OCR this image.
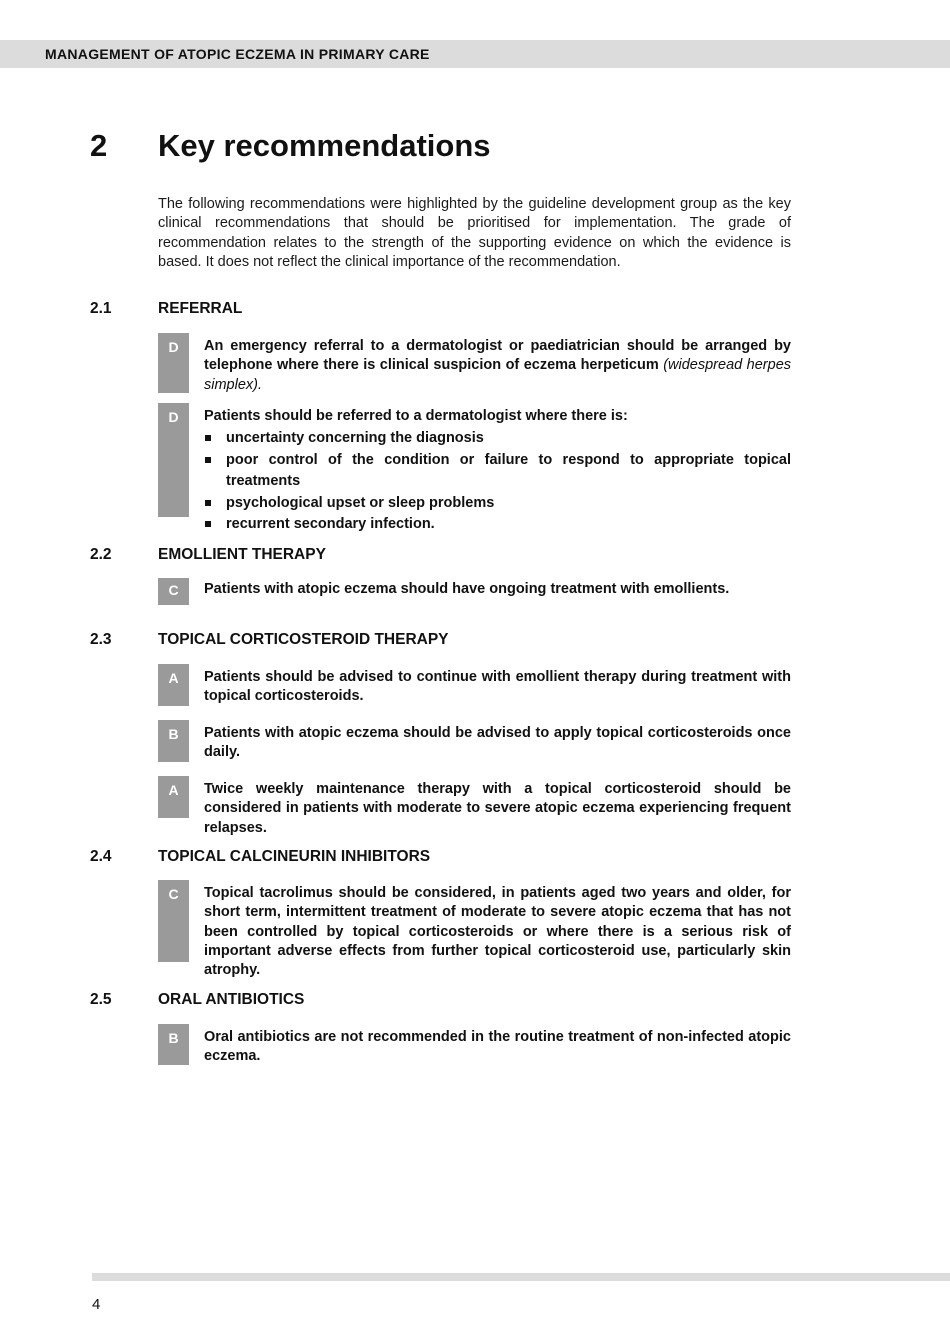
MANAGEMENT OF ATOPIC ECZEMA IN PRIMARY CARE
2 Key recommendations

The following recommendations were highlighted by the guideline development group as the key clinical recommendations that should be prioritised for implementation. The grade of recommendation relates to the strength of the supporting evidence on which the evidence is based. It does not reflect the clinical importance of the recommendation.

2.1	REFERRAL
D	An emergency referral to a dermatologist or paediatrician should be arranged by telephone where there is clinical suspicion of eczema herpeticum (widespread herpes simplex).

D	Patients should be referred to a dermatologist where there is:
uncertainty concerning the diagnosis
poor control of the condition or failure to respond to appropriate topical treatments
psychological upset or sleep problems
recurrent secondary infection.
2.2	EMOLLIENT THERAPY
C	Patients with atopic eczema should have ongoing treatment with emollients.

2.3	TOPICAL CORTICOSTEROID THERAPY
A	Patients should be advised to continue with emollient therapy during treatment with topical corticosteroids.

B	Patients with atopic eczema should be advised to apply topical corticosteroids once daily.

A	Twice weekly maintenance therapy with a topical corticosteroid should be considered in patients with moderate to severe atopic eczema experiencing frequent relapses.

2.4	TOPICAL CALCINEURIN INHIBITORS
C	Topical tacrolimus should be considered, in patients aged two years and older, for short term, intermittent treatment of moderate to severe atopic eczema that has not been controlled by topical corticosteroids or where there is a serious risk of important adverse effects from further topical corticosteroid use, particularly skin atrophy.

2.5	ORAL ANTIBIOTICS
B	Oral antibiotics are not recommended in the routine treatment of non-infected atopic eczema.

4
